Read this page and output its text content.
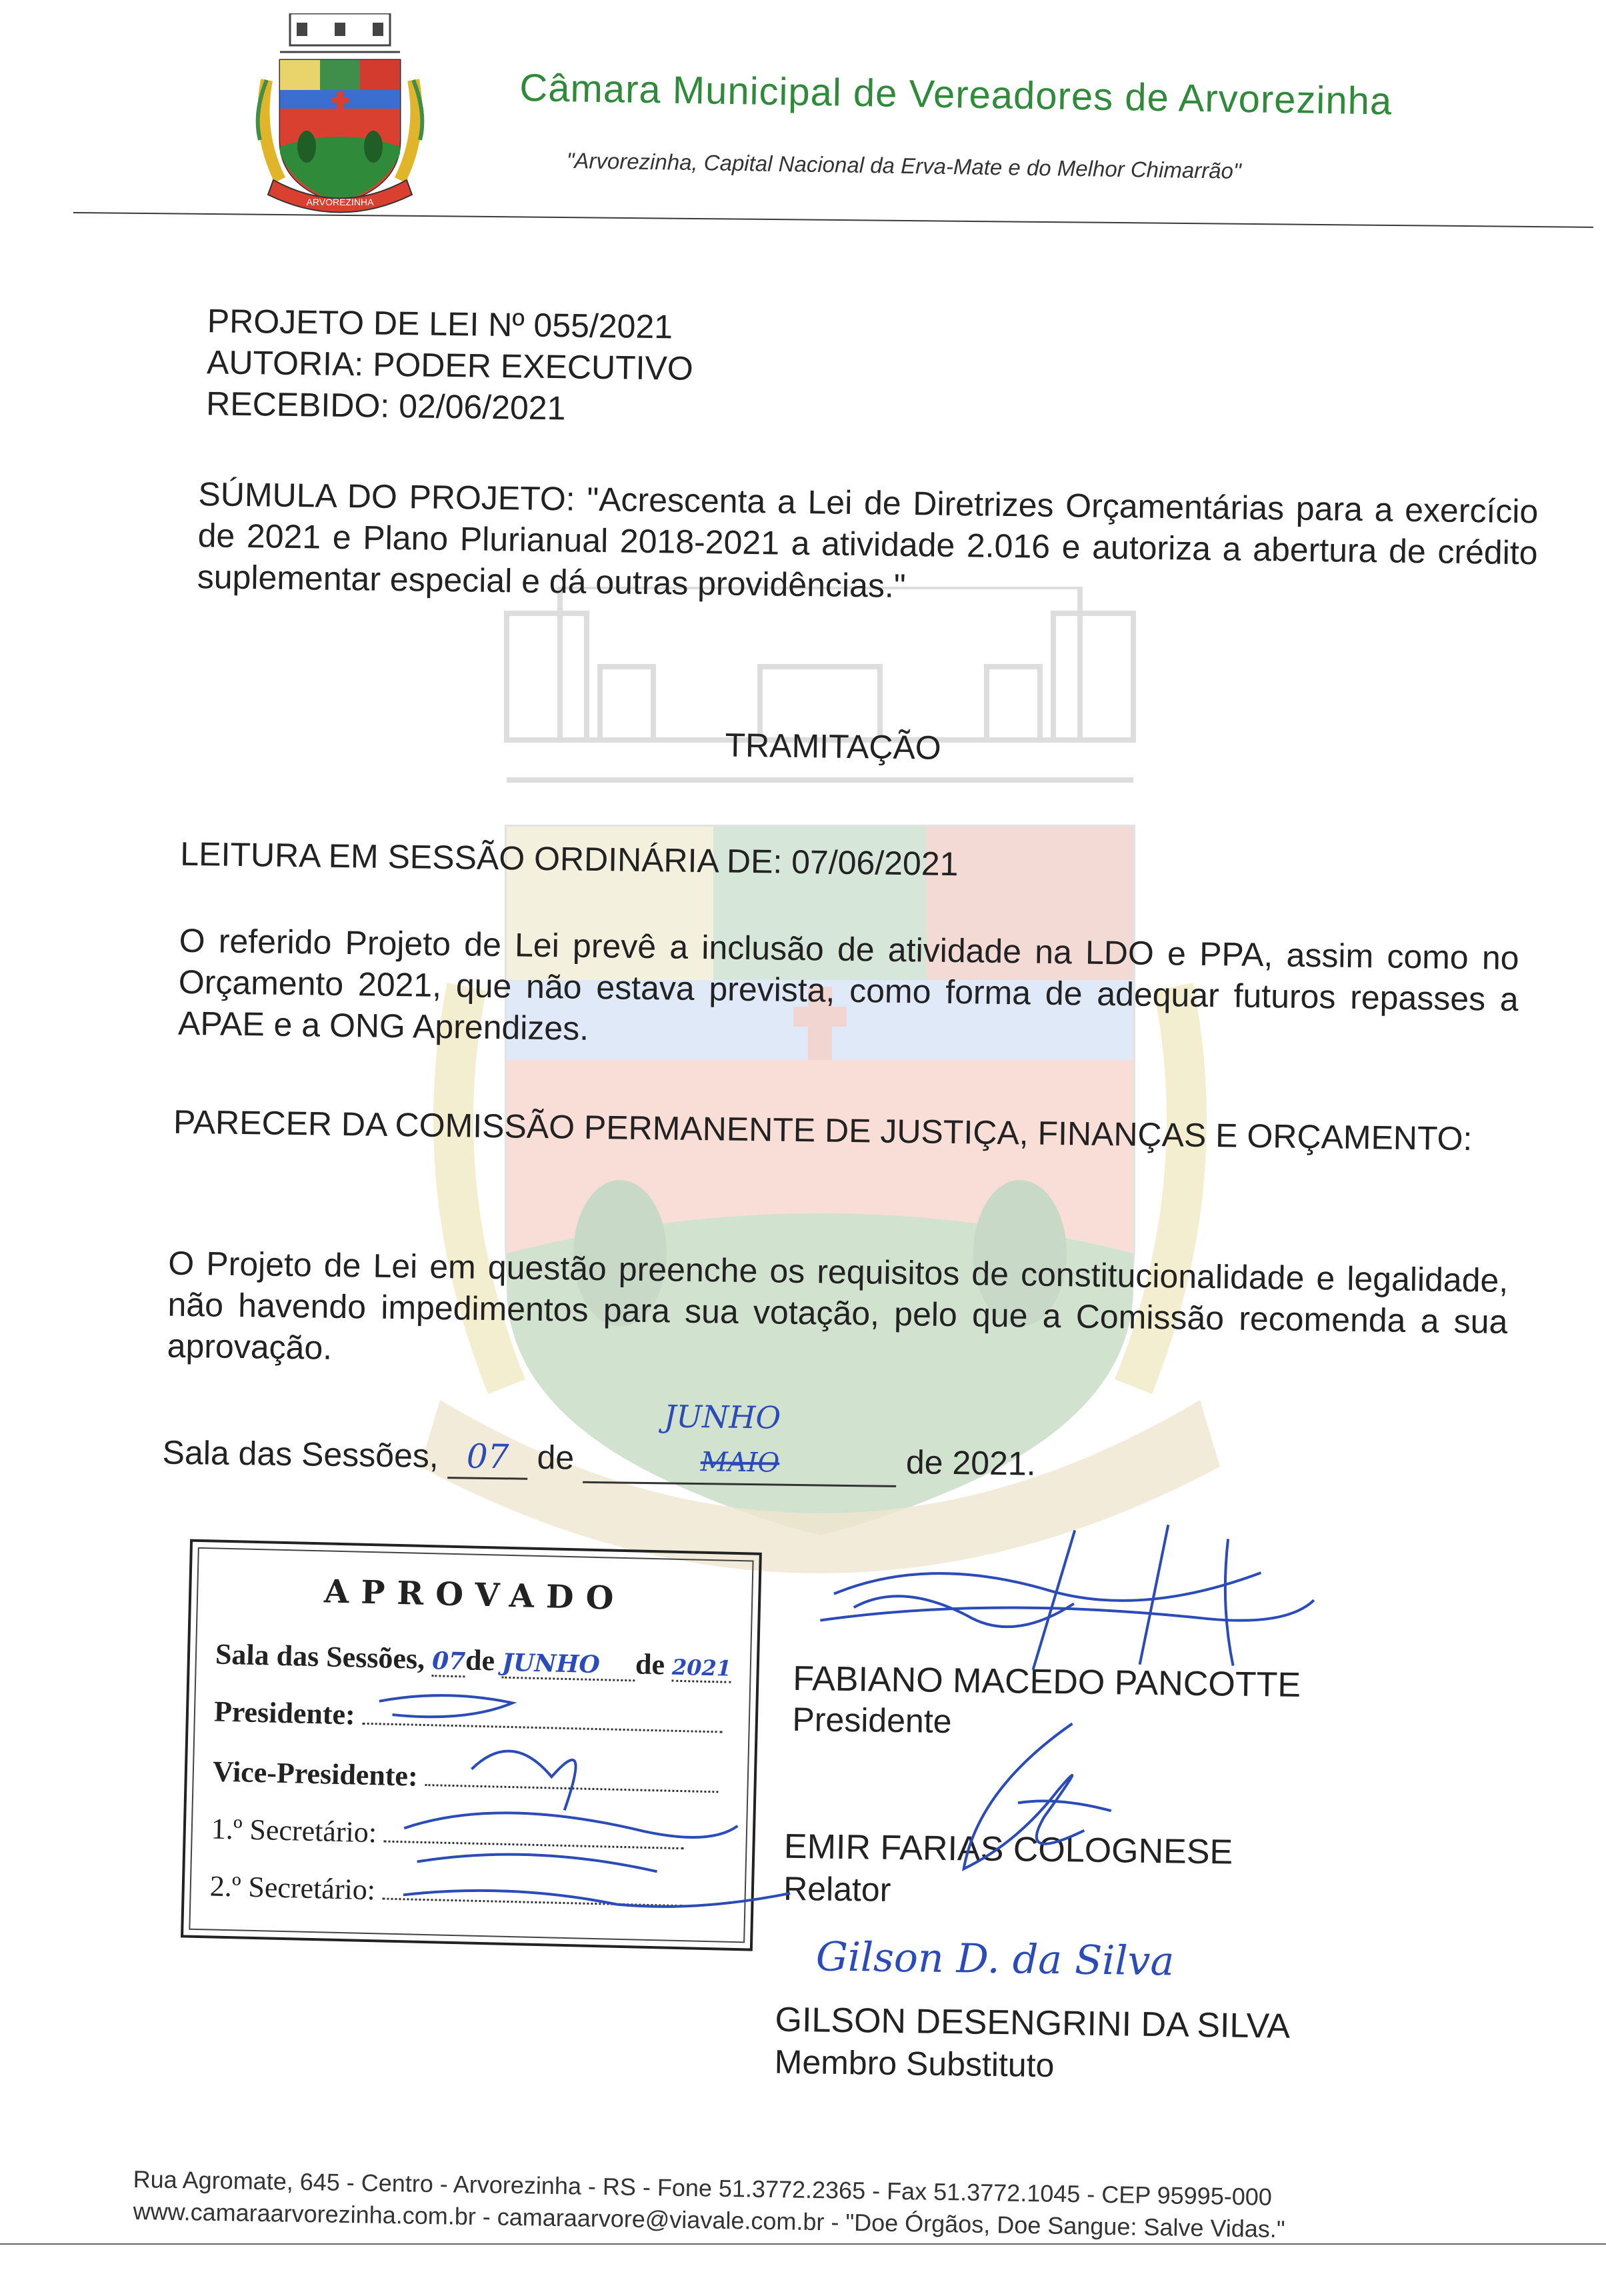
ARVOREZINHA
Câmara Municipal de Vereadores de Arvorezinha
"Arvorezinha, Capital Nacional da Erva-Mate e do Melhor Chimarrão"
PROJETO DE LEI Nº 055/2021
AUTORIA: PODER EXECUTIVO
RECEBIDO: 02/06/2021
SÚMULA DO PROJETO: "Acrescenta a Lei de Diretrizes Orçamentárias para a exercício de 2021 e Plano Plurianual 2018-2021 a atividade 2.016 e autoriza a abertura de crédito suplementar especial e dá outras providências."
TRAMITAÇÃO
LEITURA EM SESSÃO ORDINÁRIA DE: 07/06/2021
O referido Projeto de Lei prevê a inclusão de atividade na LDO e PPA, assim como no Orçamento 2021, que não estava prevista, como forma de adequar futuros repasses a APAE e a ONG Aprendizes.
PARECER DA COMISSÃO PERMANENTE DE JUSTIÇA, FINANÇAS E ORÇAMENTO:
O Projeto de Lei em questão preenche os requisitos de constitucionalidade e legalidade, não havendo impedimentos para sua votação, pelo que a Comissão recomenda a sua aprovação.
Sala das Sessões, 07 de
JUNHO
MAIO	de 2021.
APROVADO
Sala das Sessões, 07de JUNHO de 2021
Presidente:
Vice-Presidente:
1.º Secretário:
2.º Secretário:
FABIANO MACEDO PANCOTTE
Presidente
EMIR FARIAS COLOGNESE
Relator
Gilson D. da Silva
GILSON DESENGRINI DA SILVA
Membro Substituto
Rua Agromate, 645 - Centro - Arvorezinha - RS - Fone 51.3772.2365 - Fax 51.3772.1045 - CEP 95995-000
www.camaraarvorezinha.com.br - camaraarvore@viavale.com.br - "Doe Órgãos, Doe Sangue: Salve Vidas."
